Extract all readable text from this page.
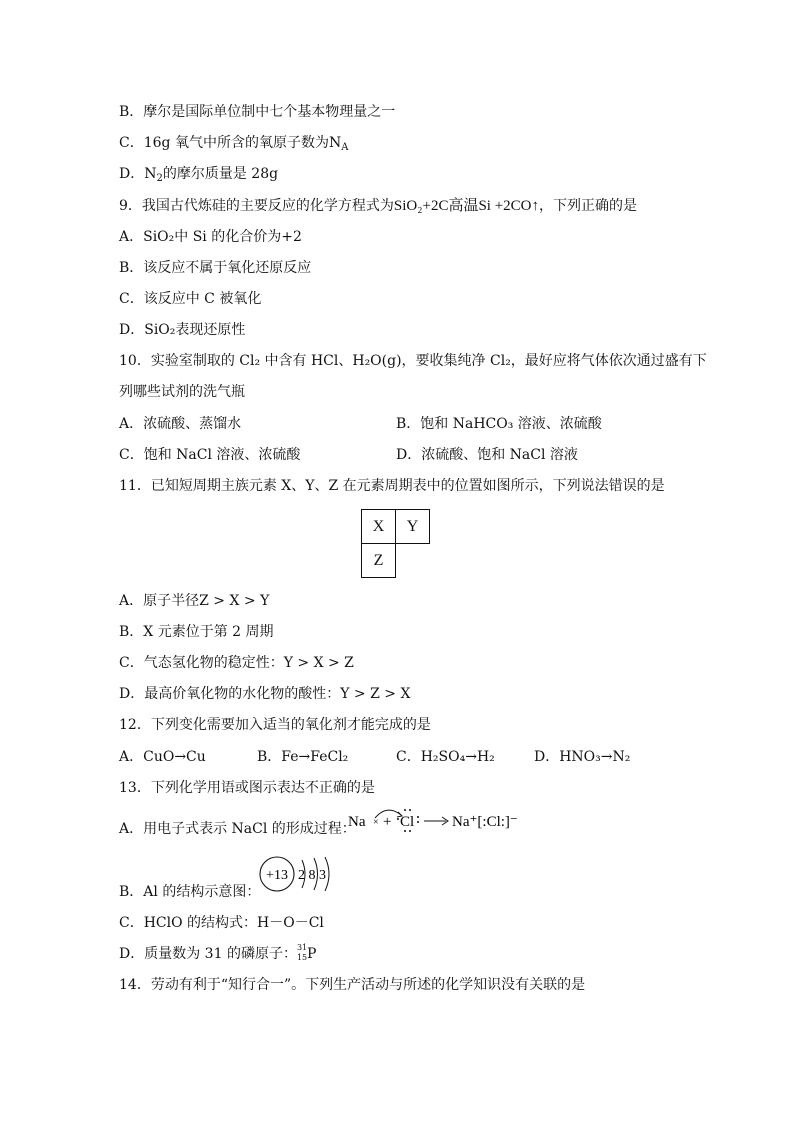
B．摩尔是国际单位制中七个基本物理量之一
C．16g 氧气中所含的氧原子数为$N_A$
D．$N_2$的摩尔质量是 28g
9．我国古代炼硅的主要反应的化学方程式为SiO₂+2C高温Si +2CO↑，下列正确的是
A．SiO₂中 Si 的化合价为+2
B．该反应不属于氧化还原反应
C．该反应中 C 被氧化
D．SiO₂表现还原性
10．实验室制取的 Cl₂ 中含有 HCl、H₂O(g)，要收集纯净 Cl₂，最好应将气体依次通过盛有下
列哪些试剂的洗气瓶
A．浓硫酸、蒸馏水	B．饱和 NaHCO₃ 溶液、浓硫酸
C．饱和 NaCl 溶液、浓硫酸	D．浓硫酸、饱和 NaCl 溶液
11．已知短周期主族元素 X、Y、Z 在元素周期表中的位置如图所示，下列说法错误的是
X	Y
Z	
A．原子半径Z > X > Y
B．X 元素位于第 2 周期
C．气态氢化物的稳定性：Y > X > Z
D．最高价氧化物的水化物的酸性：Y > Z > X
12．下列变化需要加入适当的氧化剂才能完成的是
A．CuO→Cu	B．Fe→FeCl₂	C．H₂SO₄→H₂	D．HNO₃→N₂
13．下列化学用语或图示表达不正确的是
A．用电子式表示 NaCl 的形成过程：
Na × + Cl	Na⁺[:Cl:]⁻
+13 2 8 3
B．Al 的结构示意图：
C．HClO 的结构式：H－O－Cl
D．质量数为 31 的磷原子： 31
15 P
14．劳动有利于“知行合一”。下列生产活动与所述的化学知识没有关联的是
